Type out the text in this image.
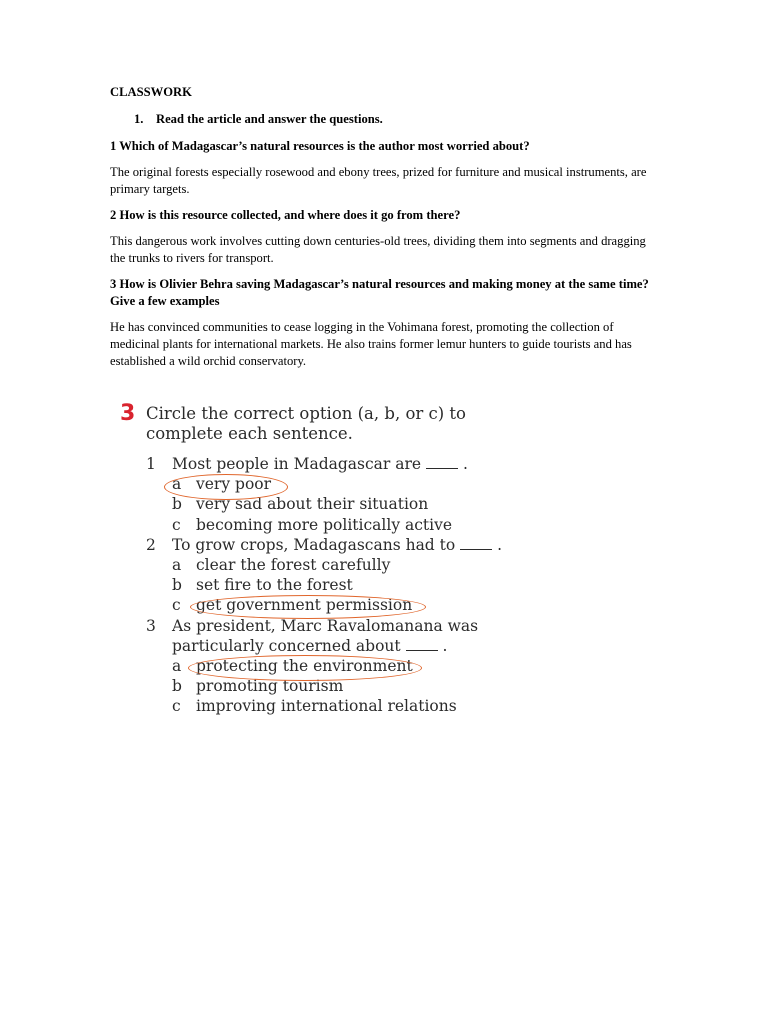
CLASSWORK

1. Read the article and answer the questions.

1 Which of Madagascar’s natural resources is the author most worried about?

The original forests especially rosewood and ebony trees, prized for furniture and musical instruments, are primary targets.

2 How is this resource collected, and where does it go from there?

This dangerous work involves cutting down centuries-old trees, dividing them into segments and dragging the trunks to rivers for transport.

3 How is Olivier Behra saving Madagascar’s natural resources and making money at the same time? Give a few examples

He has convinced communities to cease logging in the Vohimana forest, promoting the collection of medicinal plants for international markets. He also trains former lemur hunters to guide tourists and has established a wild orchid conservatory.

3 Circle the correct option (a, b, or c) to complete each sentence.
1	Most people in Madagascar are	.
a very poor
b very sad about their situation
c becoming more politically active
2	To grow crops, Madagascans had to	.
a clear the forest carefully
b set fire to the forest
c get government permission
3	As president, Marc Ravalomanana was
particularly concerned about	.
a protecting the environment
b promoting tourism
c improving international relations
